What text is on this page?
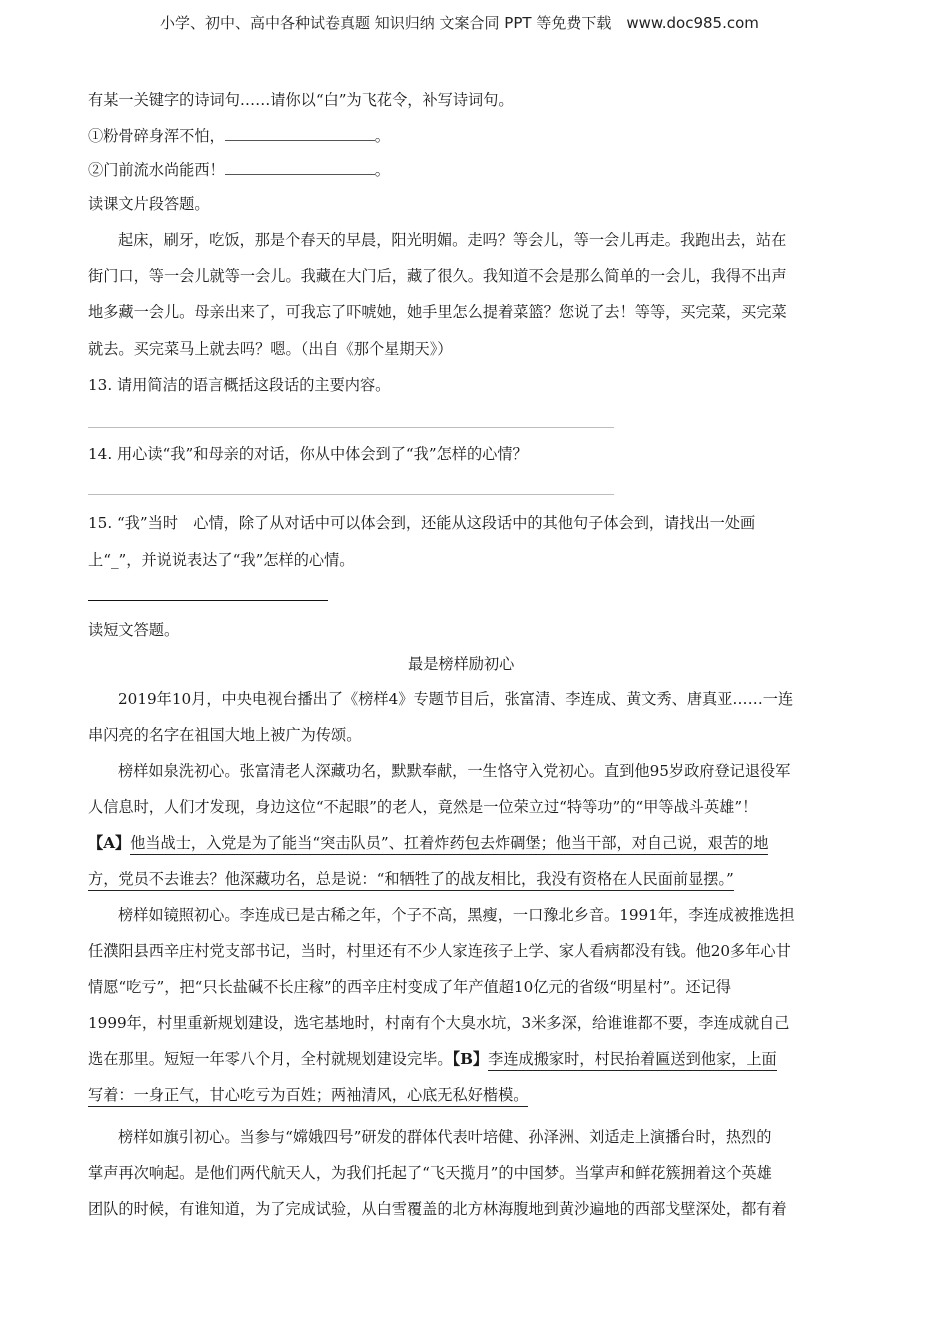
小学、初中、高中各种试卷真题 知识归纳 文案合同 PPT 等免费下载　www.doc985.com
有某一关键字的诗词句……请你以“白”为飞花令，补写诗词句。
①粉骨碎身浑不怕，	。
②门前流水尚能西！	。
读课文片段答题。
起床，刷牙，吃饭，那是个春天的早晨，阳光明媚。走吗？等会儿，等一会儿再走。我跑出去，站在
街门口，等一会儿就等一会儿。我藏在大门后，藏了很久。我知道不会是那么简单的一会儿，我得不出声
地多藏一会儿。母亲出来了，可我忘了吓唬她，她手里怎么提着菜篮？您说了去！等等，买完菜，买完菜
就去。买完菜马上就去吗？嗯。（出自《那个星期天》）
13. 请用简洁的语言概括这段话的主要内容。
14. 用心读“我”和母亲的对话，你从中体会到了“我”怎样的心情？
15. “我”当时　心情，除了从对话中可以体会到，还能从这段话中的其他句子体会到，请找出一处画
上“_”，并说说表达了“我”怎样的心情。
读短文答题。
最是榜样励初心
2019年10月，中央电视台播出了《榜样4》专题节目后，张富清、李连成、黄文秀、唐真亚……一连
串闪亮的名字在祖国大地上被广为传颂。
榜样如泉洗初心。张富清老人深藏功名，默默奉献，一生恪守入党初心。直到他95岁政府登记退役军
人信息时，人们才发现，身边这位“不起眼”的老人，竟然是一位荣立过“特等功”的“甲等战斗英雄”！
【A】他当战士，入党是为了能当“突击队员”、扛着炸药包去炸碉堡；他当干部，对自己说，艰苦的地
方，党员不去谁去？他深藏功名，总是说：“和牺牲了的战友相比，我没有资格在人民面前显摆。”
榜样如镜照初心。李连成已是古稀之年，个子不高，黑瘦，一口豫北乡音。1991年，李连成被推选担
任濮阳县西辛庄村党支部书记，当时，村里还有不少人家连孩子上学、家人看病都没有钱。他20多年心甘
情愿“吃亏”，把“只长盐碱不长庄稼”的西辛庄村变成了年产值超10亿元的省级“明星村”。还记得
1999年，村里重新规划建设，选宅基地时，村南有个大臭水坑，3米多深，给谁谁都不要，李连成就自己
选在那里。短短一年零八个月，全村就规划建设完毕。【B】李连成搬家时，村民抬着匾送到他家，上面
写着：一身正气，甘心吃亏为百姓；两袖清风，心底无私好楷模。
榜样如旗引初心。当参与“嫦娥四号”研发的群体代表叶培健、孙泽洲、刘适走上演播台时，热烈的
掌声再次响起。是他们两代航天人，为我们托起了“飞天揽月”的中国梦。当掌声和鲜花簇拥着这个英雄
团队的时候，有谁知道，为了完成试验，从白雪覆盖的北方林海腹地到黄沙遍地的西部戈壁深处，都有着
